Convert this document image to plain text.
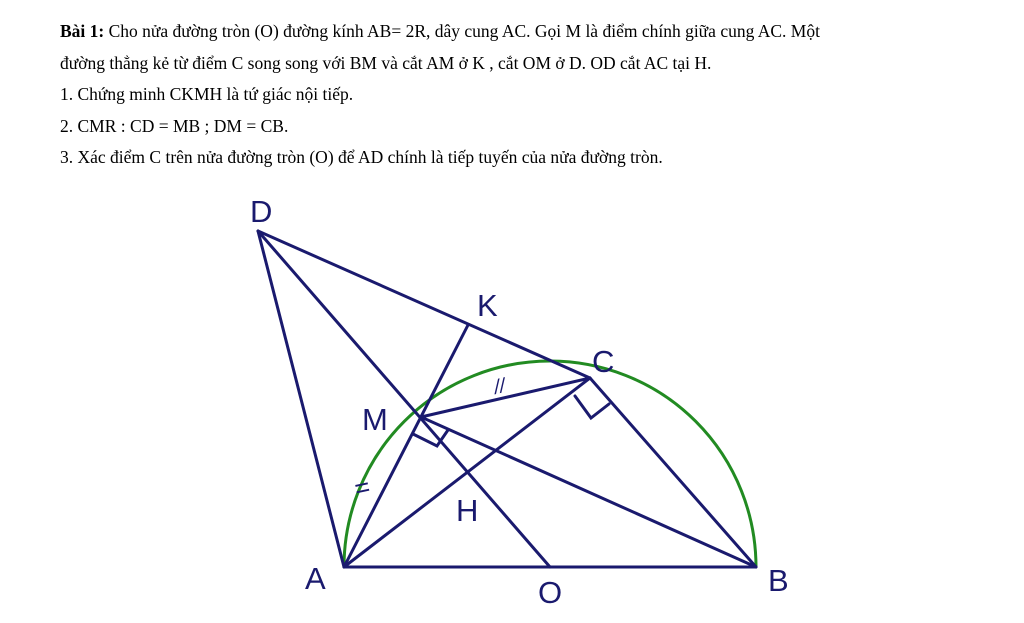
Bài 1: Cho nửa đường tròn (O) đường kính AB= 2R, dây cung AC. Gọi M là điểm chính giữa cung AC. Một
đường thẳng kẻ từ điểm C song song với BM và cắt AM ở K , cắt OM ở D. OD cắt AC tại H.
1. Chứng minh CKMH là tứ giác nội tiếp.
2. CMR : CD = MB ; DM = CB.
3. Xác điểm C trên nửa đường tròn (O) để AD chính là tiếp tuyến của nửa đường tròn.
//
=
D
K
C
M
H
A	O	B
